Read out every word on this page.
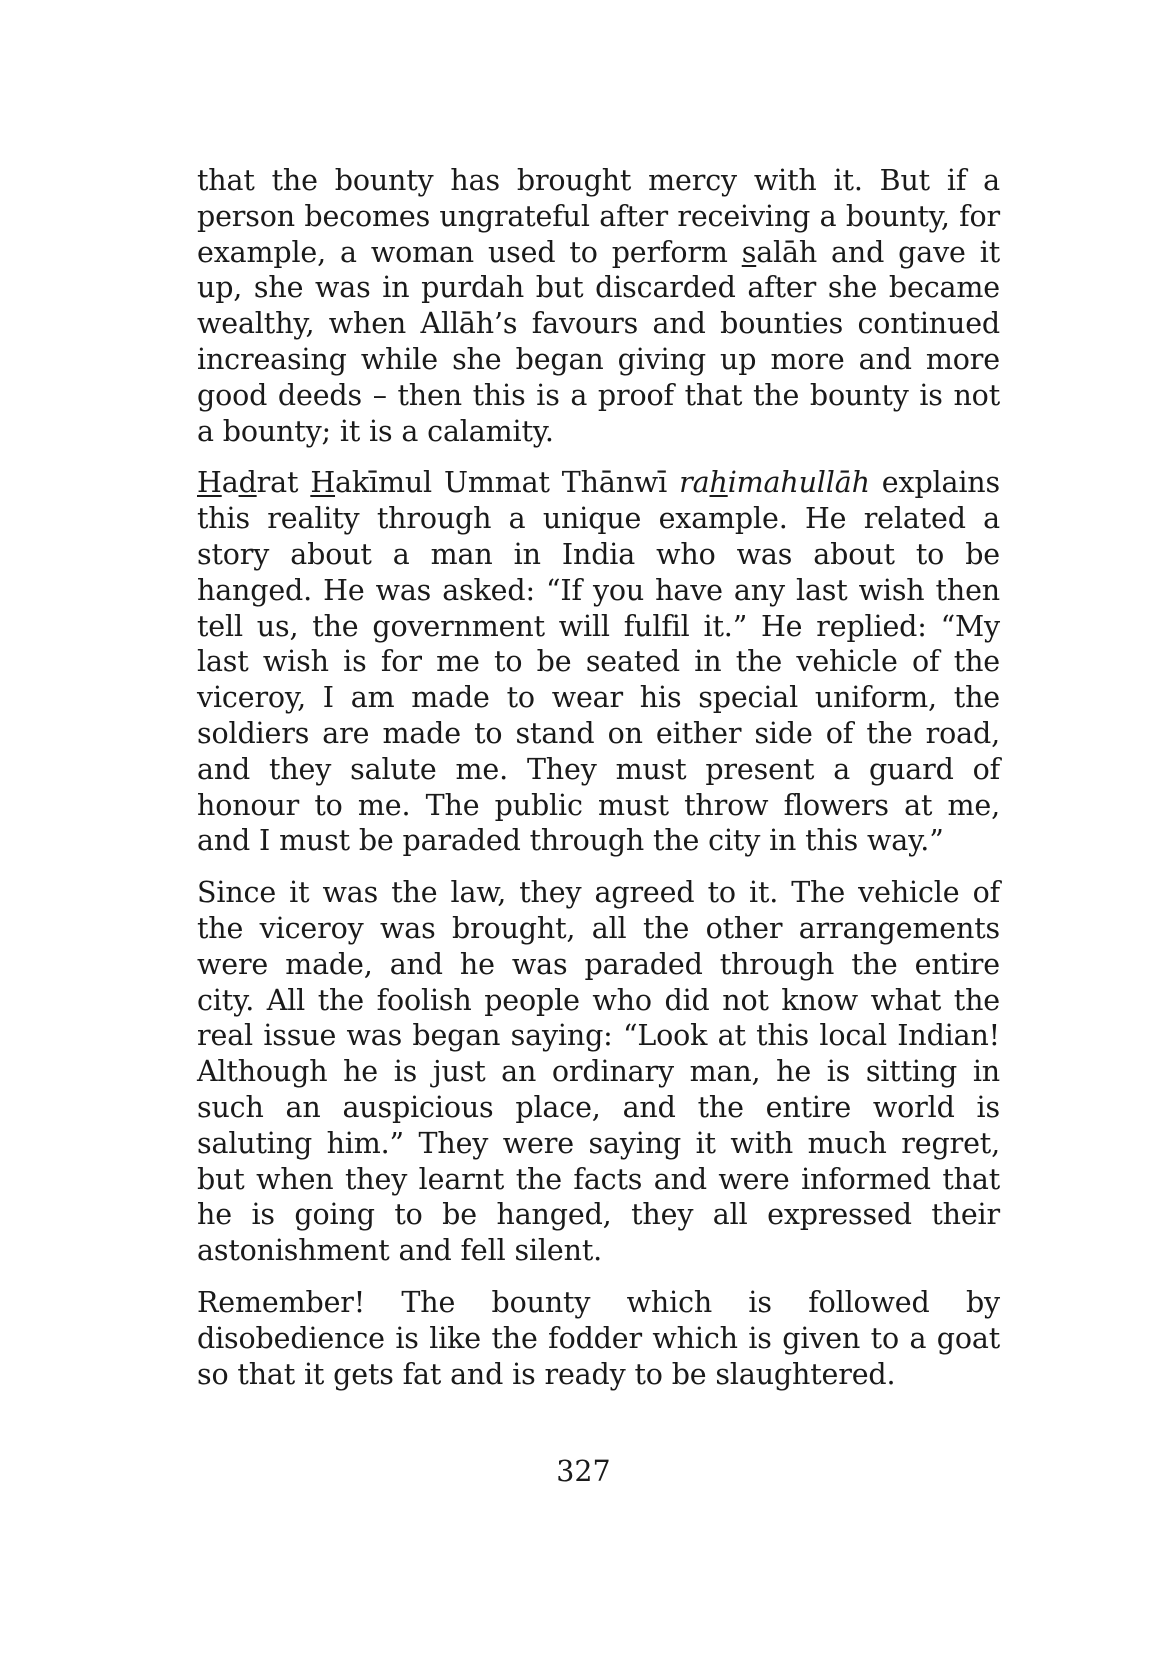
that the bounty has brought mercy with it. But if a person becomes ungrateful after receiving a bounty, for example, a woman used to perform salāh and gave it up, she was in purdah but discarded after she became wealthy, when Allāh’s favours and bounties continued increasing while she began giving up more and more good deeds – then this is a proof that the bounty is not a bounty; it is a calamity.

Hadrat Hakīmul Ummat Thānwī rahimahullāh explains this reality through a unique example. He related a story about a man in India who was about to be hanged. He was asked: “If you have any last wish then tell us, the government will fulfil it.” He replied: “My last wish is for me to be seated in the vehicle of the viceroy, I am made to wear his special uniform, the soldiers are made to stand on either side of the road, and they salute me. They must present a guard of honour to me. The public must throw flowers at me, and I must be paraded through the city in this way.”

Since it was the law, they agreed to it. The vehicle of the viceroy was brought, all the other arrangements were made, and he was paraded through the entire city. All the foolish people who did not know what the real issue was began saying: “Look at this local Indian! Although he is just an ordinary man, he is sitting in such an auspicious place, and the entire world is saluting him.” They were saying it with much regret, but when they learnt the facts and were informed that he is going to be hanged, they all expressed their astonishment and fell silent.

Remember! The bounty which is followed by disobedience is like the fodder which is given to a goat so that it gets fat and is ready to be slaughtered.

327
